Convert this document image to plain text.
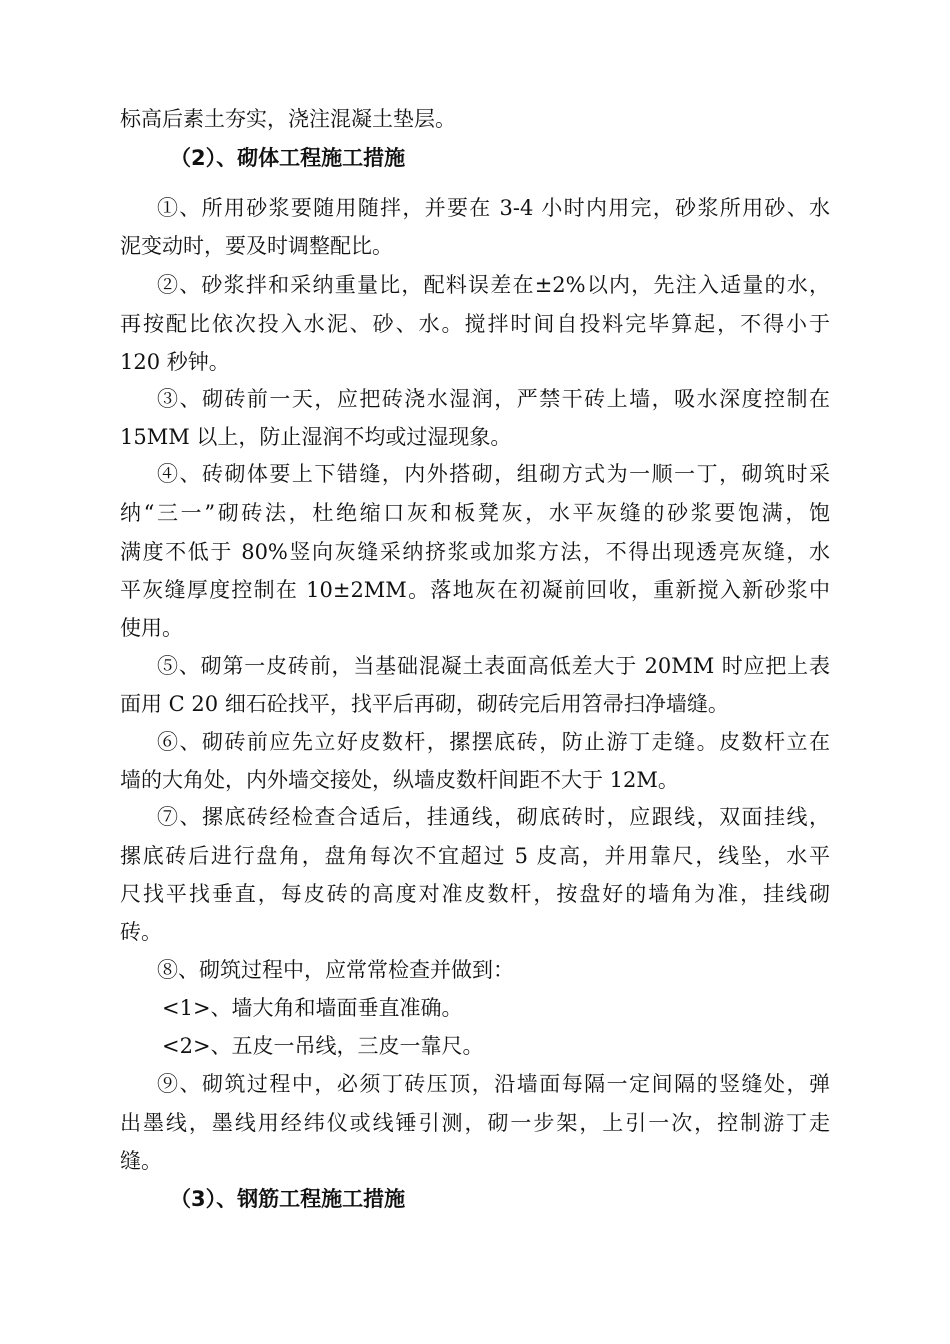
标高后素土夯实，浇注混凝土垫层。
（2）、砌体工程施工措施
①、所用砂浆要随用随拌，并要在 3-4 小时内用完，砂浆所用砂、水
泥变动时，要及时调整配比。
②、砂浆拌和采纳重量比，配料误差在±2%以内，先注入适量的水，
再按配比依次投入水泥、砂、水。搅拌时间自投料完毕算起，不得小于
120 秒钟。
③、砌砖前一天，应把砖浇水湿润，严禁干砖上墙，吸水深度控制在
15MM 以上，防止湿润不均或过湿现象。
④、砖砌体要上下错缝，内外搭砌，组砌方式为一顺一丁，砌筑时采
纳“三一”砌砖法，杜绝缩口灰和板凳灰，水平灰缝的砂浆要饱满，饱
满度不低于 80%竖向灰缝采纳挤浆或加浆方法，不得出现透亮灰缝，水
平灰缝厚度控制在 10±2MM。落地灰在初凝前回收，重新搅入新砂浆中
使用。
⑤、砌第一皮砖前，当基础混凝土表面高低差大于 20MM 时应把上表
面用 C 20 细石砼找平，找平后再砌，砌砖完后用笤帚扫净墙缝。
⑥、砌砖前应先立好皮数杆，摞摆底砖，防止游丁走缝。皮数杆立在
墙的大角处，内外墙交接处，纵墙皮数杆间距不大于 12M。
⑦、摞底砖经检查合适后，挂通线，砌底砖时，应跟线，双面挂线，
摞底砖后进行盘角，盘角每次不宜超过 5 皮高，并用靠尺，线坠，水平
尺找平找垂直，每皮砖的高度对准皮数杆，按盘好的墙角为准，挂线砌
砖。
⑧、砌筑过程中，应常常检查并做到：
<1>、墙大角和墙面垂直准确。
<2>、五皮一吊线，三皮一靠尺。
⑨、砌筑过程中，必须丁砖压顶，沿墙面每隔一定间隔的竖缝处，弹
出墨线，墨线用经纬仪或线锤引测，砌一步架，上引一次，控制游丁走
缝。
（3）、钢筋工程施工措施
